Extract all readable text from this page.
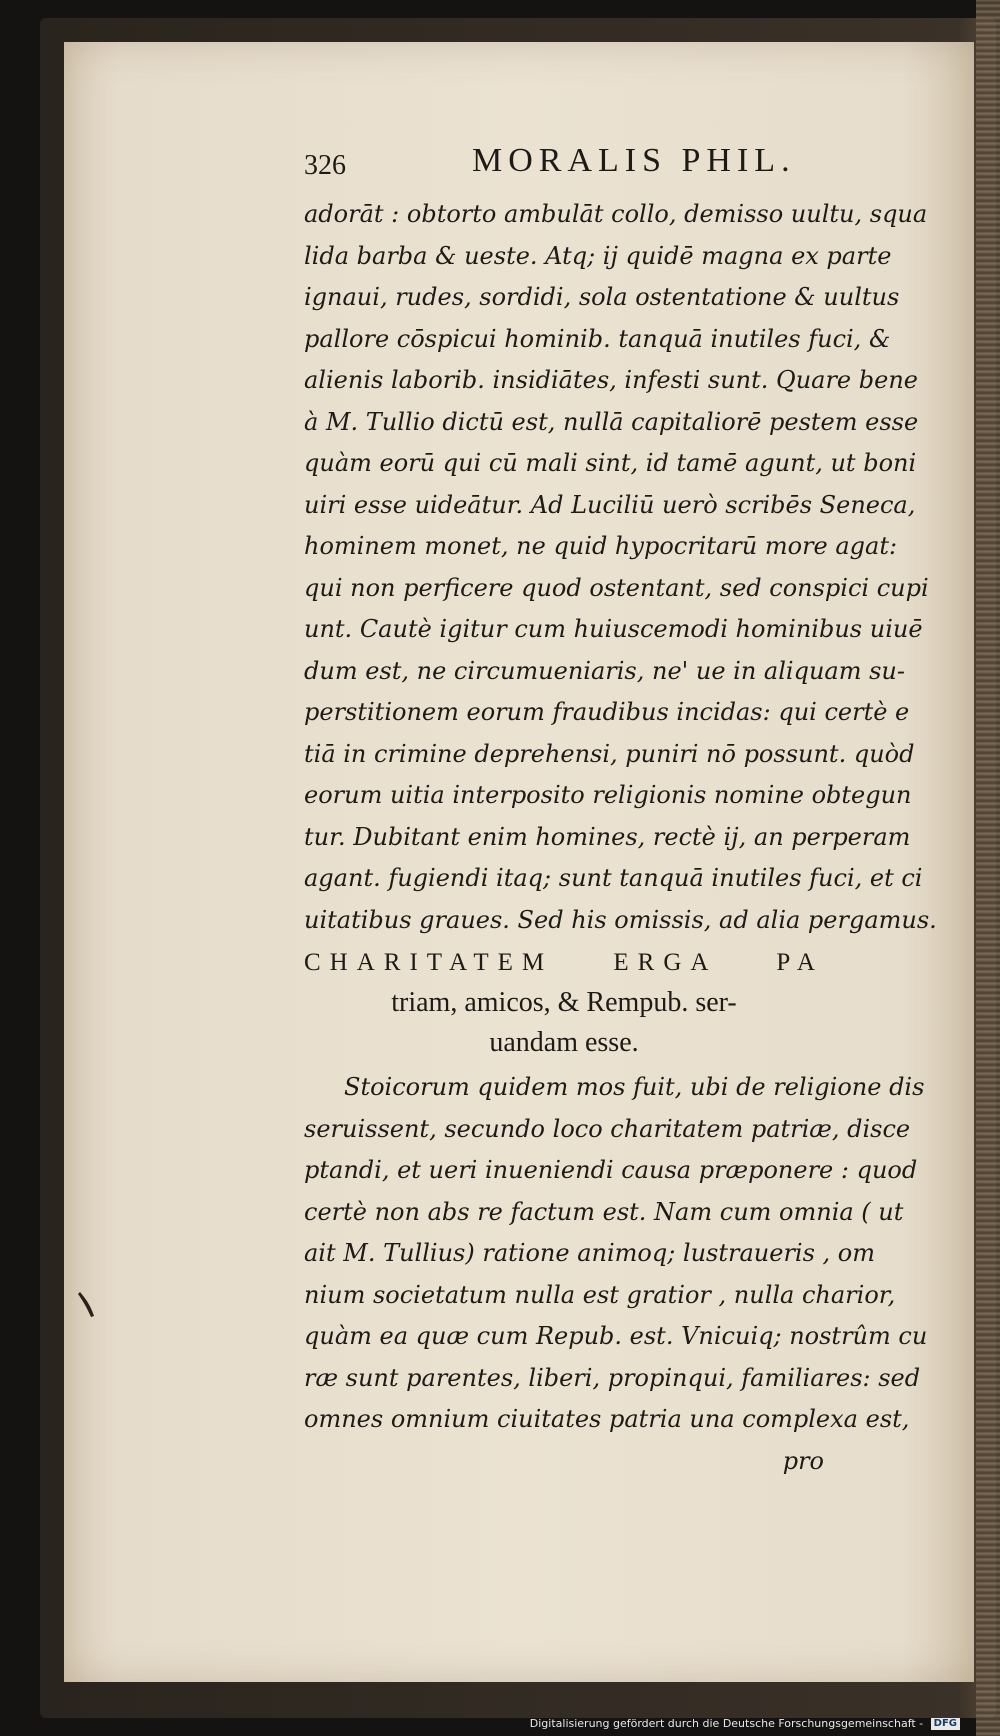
326	MORALIS PHIL.
adorāt : obtorto ambulāt collo, demisso uultu, squa
lida barba & ueste. Atq; ij quidē magna ex parte
ignaui, rudes, sordidi, sola ostentatione & uultus
pallore cōspicui hominib. tanquā inutiles fuci, &
alienis laborib. insidiātes, infesti sunt. Quare bene
à M. Tullio dictū est, nullā capitaliorē pestem esse
quàm eorū qui cū mali sint, id tamē agunt, ut boni
uiri esse uideātur. Ad Luciliū uerò scribēs Seneca,
hominem monet, ne quid hypocritarū more agat:
qui non perficere quod ostentant, sed conspici cupi
unt. Cautè igitur cum huiuscemodi hominibus uiuē
dum est, ne circumueniaris, ne' ue in aliquam su-
perstitionem eorum fraudibus incidas: qui certè e
tiā in crimine deprehensi, puniri nō possunt. quòd
eorum uitia interposito religionis nomine obtegun
tur. Dubitant enim homines, rectè ij, an perperam
agant. fugiendi itaq; sunt tanquā inutiles fuci, et ci
uitatibus graues. Sed his omissis, ad alia pergamus.
CHARITATEM ERGA PA
triam, amicos, & Rempub. ser-
uandam esse.
Stoicorum quidem mos fuit, ubi de religione dis
seruissent, secundo loco charitatem patriæ, disce
ptandi, et ueri inueniendi causa præponere : quod
certè non abs re factum est. Nam cum omnia ( ut
ait M. Tullius) ratione animoq; lustraueris , om
nium societatum nulla est gratior , nulla charior,
quàm ea quæ cum Repub. est. Vnicuiq; nostrûm cu
ræ sunt parentes, liberi, propinqui, familiares: sed
omnes omnium ciuitates patria una complexa est,
pro
Digitalisierung gefördert durch die Deutsche Forschungsgemeinschaft - DFG
